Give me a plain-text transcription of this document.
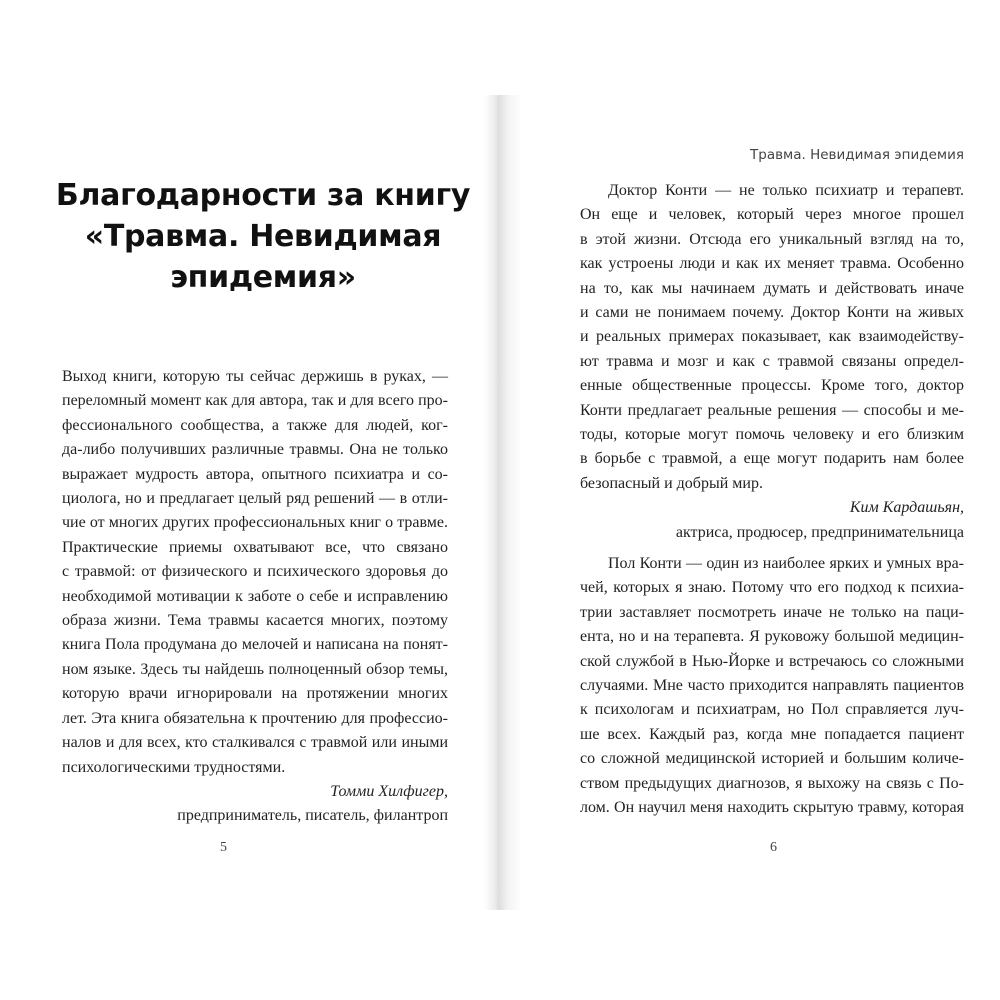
Благодарности за книгу
«Травма. Невидимая
эпидемия»
Выход книги, которую ты сейчас держишь в руках, —
переломный момент как для автора, так и для всего про-
фессионального сообщества, а также для людей, ког-
да-либо получивших различные травмы. Она не только
выражает мудрость автора, опытного психиатра и со-
циолога, но и предлагает целый ряд решений — в отли-
чие от многих других профессиональных книг о травме.
Практические приемы охватывают все, что связано
с травмой: от физического и психического здоровья до
необходимой мотивации к заботе о себе и исправлению
образа жизни. Тема травмы касается многих, поэтому
книга Пола продумана до мелочей и написана на понят-
ном языке. Здесь ты найдешь полноценный обзор темы,
которую врачи игнорировали на протяжении многих
лет. Эта книга обязательна к прочтению для профессио-
налов и для всех, кто сталкивался с травмой или иными
психологическими трудностями.
Томми Хилфигер,
предприниматель, писатель, филантроп
5
Травма. Невидимая эпидемия
Доктор Конти — не только психиатр и терапевт.
Он еще и человек, который через многое прошел
в этой жизни. Отсюда его уникальный взгляд на то,
как устроены люди и как их меняет травма. Особенно
на то, как мы начинаем думать и действовать иначе
и сами не понимаем почему. Доктор Конти на живых
и реальных примерах показывает, как взаимодейству-
ют травма и мозг и как с травмой связаны определ-
енные общественные процессы. Кроме того, доктор
Конти предлагает реальные решения — способы и ме-
тоды, которые могут помочь человеку и его близким
в борьбе с травмой, а еще могут подарить нам более
безопасный и добрый мир.
Ким Кардашьян,
актриса, продюсер, предпринимательница
Пол Конти — один из наиболее ярких и умных вра-
чей, которых я знаю. Потому что его подход к психиа-
трии заставляет посмотреть иначе не только на паци-
ента, но и на терапевта. Я руковожу большой медицин-
ской службой в Нью-Йорке и встречаюсь со сложными
случаями. Мне часто приходится направлять пациентов
к психологам и психиатрам, но Пол справляется луч-
ше всех. Каждый раз, когда мне попадается пациент
со сложной медицинской историей и большим количе-
ством предыдущих диагнозов, я выхожу на связь с По-
лом. Он научил меня находить скрытую травму, которая
6
